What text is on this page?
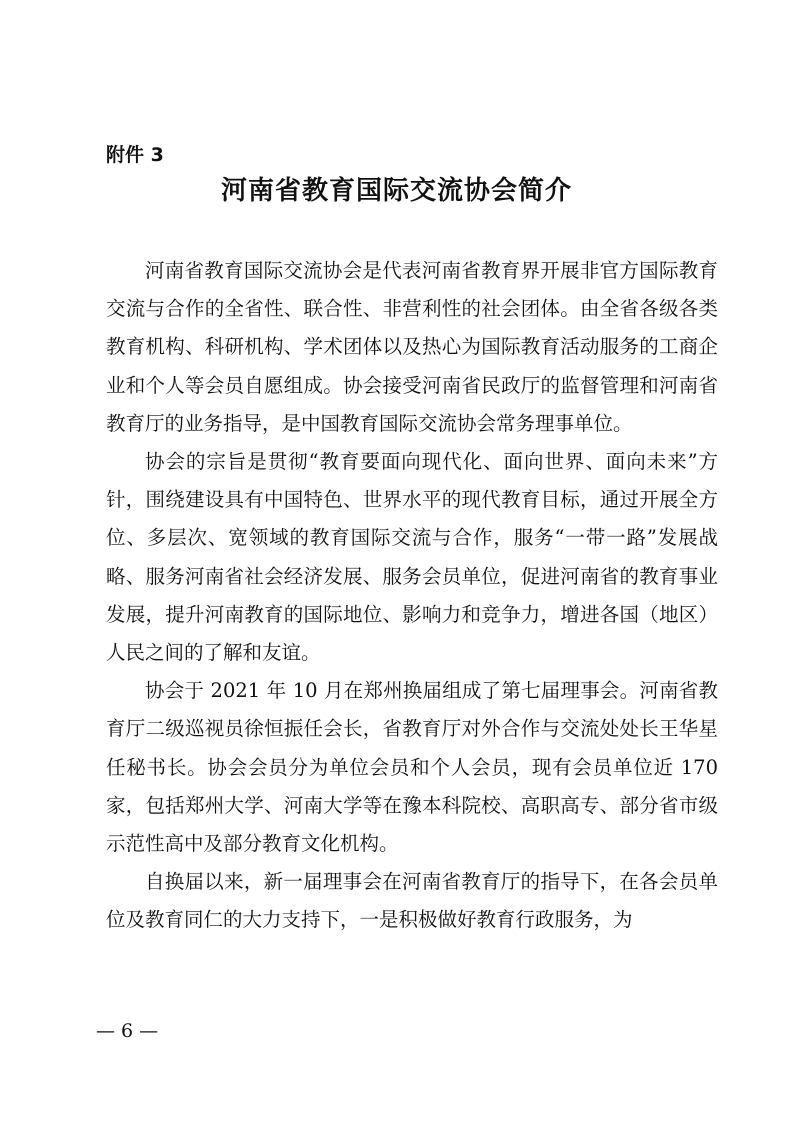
附件 3
河南省教育国际交流协会简介

河南省教育国际交流协会是代表河南省教育界开展非官方国际教育交流与合作的全省性、联合性、非营利性的社会团体。由全省各级各类教育机构、科研机构、学术团体以及热心为国际教育活动服务的工商企业和个人等会员自愿组成。协会接受河南省民政厅的监督管理和河南省教育厅的业务指导，是中国教育国际交流协会常务理事单位。

协会的宗旨是贯彻“教育要面向现代化、面向世界、面向未来”方针，围绕建设具有中国特色、世界水平的现代教育目标，通过开展全方位、多层次、宽领域的教育国际交流与合作，服务“一带一路”发展战略、服务河南省社会经济发展、服务会员单位，促进河南省的教育事业发展，提升河南教育的国际地位、影响力和竞争力，增进各国（地区）人民之间的了解和友谊。

协会于 2021 年 10 月在郑州换届组成了第七届理事会。河南省教育厅二级巡视员徐恒振任会长，省教育厅对外合作与交流处处长王华星任秘书长。协会会员分为单位会员和个人会员，现有会员单位近 170 家，包括郑州大学、河南大学等在豫本科院校、高职高专、部分省市级示范性高中及部分教育文化机构。

自换届以来，新一届理事会在河南省教育厅的指导下，在各会员单位及教育同仁的大力支持下，一是积极做好教育行政服务，为

— 6 —
